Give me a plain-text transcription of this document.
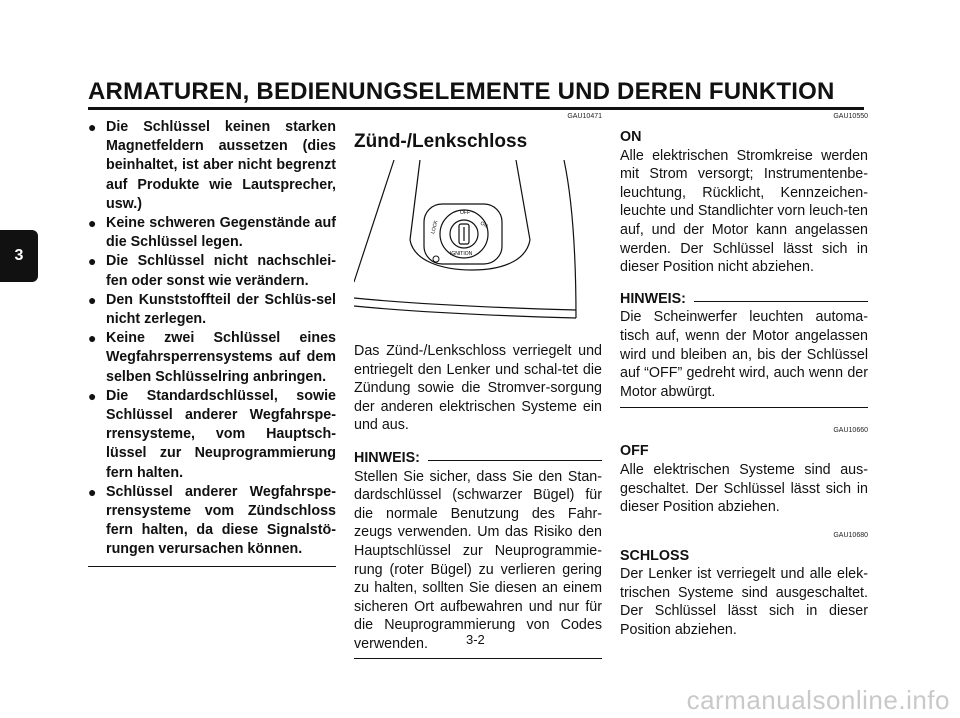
ARMATUREN, BEDIENUNGSELEMENTE UND DEREN FUNKTION
3
● Die Schlüssel keinen starken Magnetfeldern aussetzen (dies beinhaltet, ist aber nicht begrenzt auf Produkte wie Lautsprecher, usw.)
● Keine schweren Gegenstände auf die Schlüssel legen.
● Die Schlüssel nicht nachschlei-fen oder sonst wie verändern.
● Den Kunststoffteil der Schlüs-sel nicht zerlegen.
● Keine zwei Schlüssel eines Wegfahrsperrensystems auf dem selben Schlüsselring anbringen.
● Die Standardschlüssel, sowie Schlüssel anderer Wegfahrspe-rrensysteme, vom Hauptsch-lüssel zur Neuprogrammierung fern halten.
● Schlüssel anderer Wegfahrspe-rrensysteme vom Zündschloss fern halten, da diese Signalstö-rungen verursachen können.

GAU10471

Zünd-/Lenkschloss
LOCK
OFF
ON
IGNITION

Das Zünd-/Lenkschloss verriegelt und entriegelt den Lenker und schal-tet die Zündung sowie die Stromver-sorgung der anderen elektrischen Systeme ein und aus.

HINWEIS:

Stellen Sie sicher, dass Sie den Stan-dardschlüssel (schwarzer Bügel) für die normale Benutzung des Fahr-zeugs verwenden. Um das Risiko den Hauptschlüssel zur Neuprogrammie-rung (roter Bügel) zu verlieren gering zu halten, sollten Sie diesen an einem sicheren Ort aufbewahren und nur für die Neuprogrammierung von Codes verwenden.

GAU10550

ON

Alle elektrischen Stromkreise werden mit Strom versorgt; Instrumentenbe-leuchtung, Rücklicht, Kennzeichen-leuchte und Standlichter vorn leuch-ten auf, und der Motor kann angelassen werden. Der Schlüssel lässt sich in dieser Position nicht abziehen.

HINWEIS:

Die Scheinwerfer leuchten automa-tisch auf, wenn der Motor angelassen wird und bleiben an, bis der Schlüssel auf “OFF” gedreht wird, auch wenn der Motor abwürgt.

GAU10660

OFF

Alle elektrischen Systeme sind aus-geschaltet. Der Schlüssel lässt sich in dieser Position abziehen.

GAU10680

SCHLOSS

Der Lenker ist verriegelt und alle elek-trischen Systeme sind ausgeschaltet. Der Schlüssel lässt sich in dieser Position abziehen.

3-2
carmanualsonline.info
